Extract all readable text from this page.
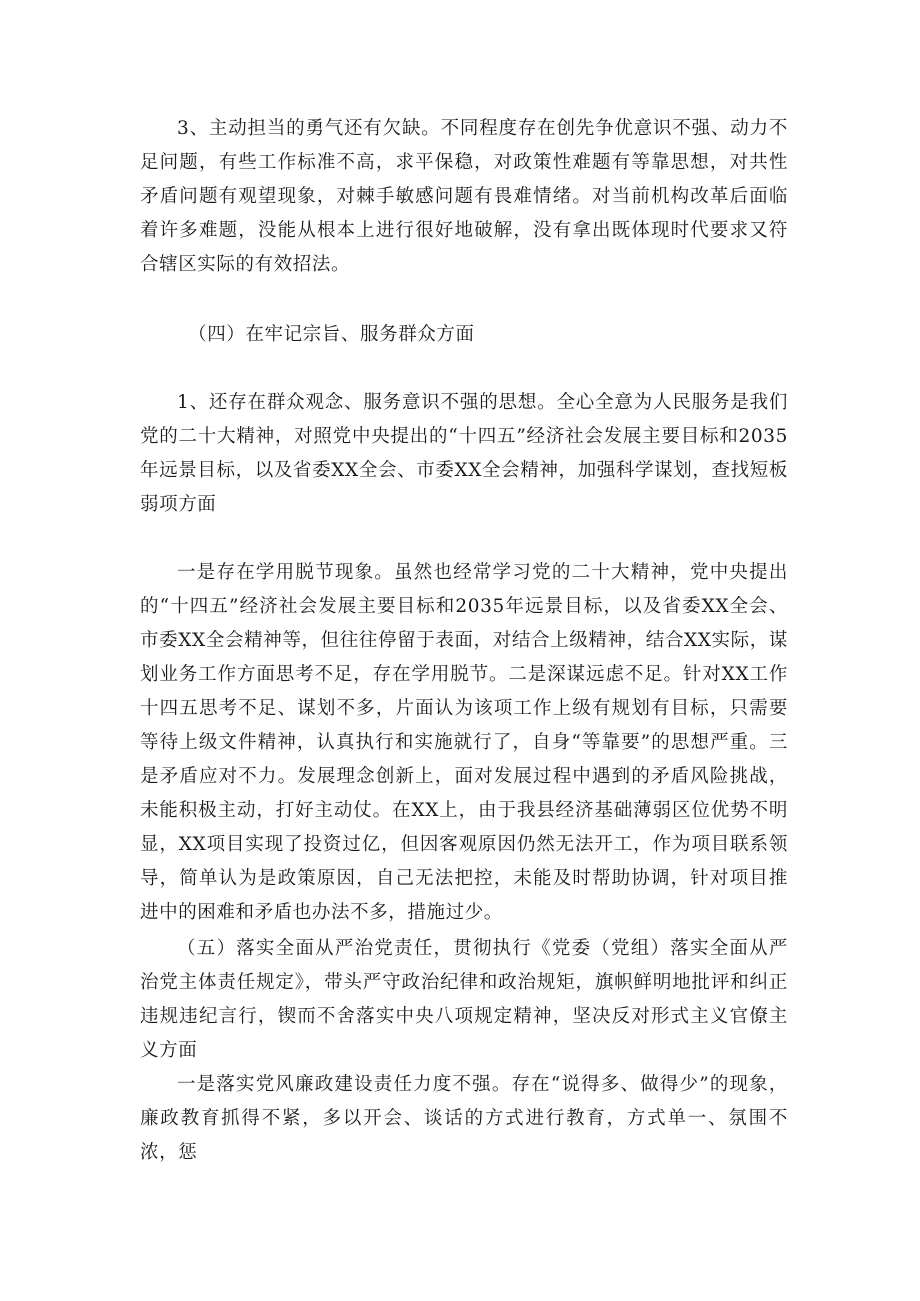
3、主动担当的勇气还有欠缺。不同程度存在创先争优意识不强、动力不足问题，有些工作标准不高，求平保稳，对政策性难题有等靠思想，对共性矛盾问题有观望现象，对棘手敏感问题有畏难情绪。对当前机构改革后面临着许多难题，没能从根本上进行很好地破解，没有拿出既体现时代要求又符合辖区实际的有效招法。

（四）在牢记宗旨、服务群众方面

1、还存在群众观念、服务意识不强的思想。全心全意为人民服务是我们党的二十大精神，对照党中央提出的“十四五”经济社会发展主要目标和2035年远景目标，以及省委XX全会、市委XX全会精神，加强科学谋划，查找短板弱项方面

一是存在学用脱节现象。虽然也经常学习党的二十大精神，党中央提出的“十四五”经济社会发展主要目标和2035年远景目标，以及省委XX全会、市委XX全会精神等，但往往停留于表面，对结合上级精神，结合XX实际，谋划业务工作方面思考不足，存在学用脱节。二是深谋远虑不足。针对XX工作十四五思考不足、谋划不多，片面认为该项工作上级有规划有目标，只需要等待上级文件精神，认真执行和实施就行了，自身“等靠要”的思想严重。三是矛盾应对不力。发展理念创新上，面对发展过程中遇到的矛盾风险挑战，未能积极主动，打好主动仗。在XX上，由于我县经济基础薄弱区位优势不明显，XX项目实现了投资过亿，但因客观原因仍然无法开工，作为项目联系领导，简单认为是政策原因，自己无法把控，未能及时帮助协调，针对项目推进中的困难和矛盾也办法不多，措施过少。

（五）落实全面从严治党责任，贯彻执行《党委（党组）落实全面从严治党主体责任规定》，带头严守政治纪律和政治规矩，旗帜鲜明地批评和纠正违规违纪言行，锲而不舍落实中央八项规定精神，坚决反对形式主义官僚主义方面

一是落实党风廉政建设责任力度不强。存在“说得多、做得少”的现象，廉政教育抓得不紧，多以开会、谈话的方式进行教育，方式单一、氛围不浓，惩
